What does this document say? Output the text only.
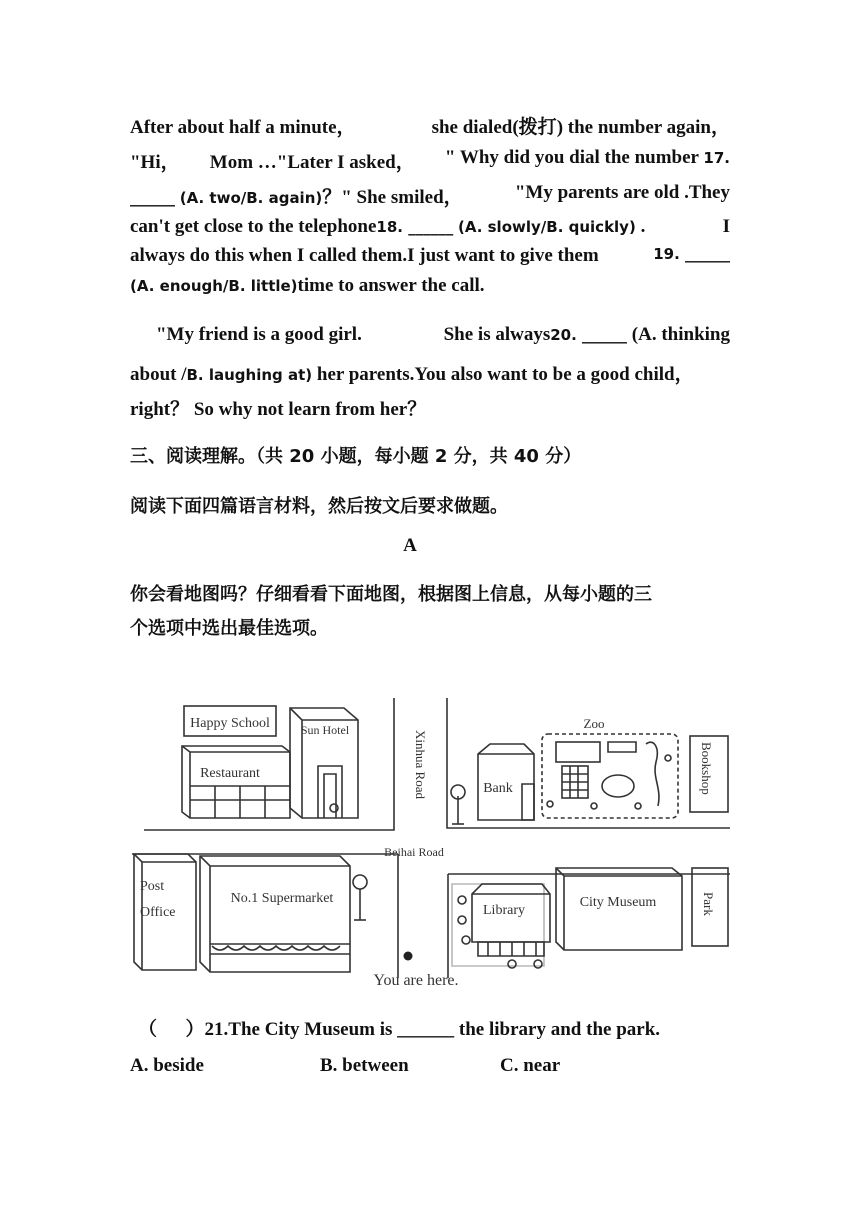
After about half a minute，	she dialed(拨打) the number again，
"Hi， Mom …"Later I asked， " Why did you dial the number 17.
______ (A. two/B. again)？" She smiled，	"My parents are old .They
can't get close to the telephone18. ______ (A. slowly/B. quickly) .	I
always do this when I called them.I just want to give them	19. ______
(A. enough/B. little)time to answer the call.
"My friend is a good girl.	She is always20. ______ (A. thinking
about /B. laughing at) her parents.You also want to be a good child，
right？ So why not learn from her？
三、阅读理解。（共 20 小题，每小题 2 分，共 40 分）
阅读下面四篇语言材料，然后按文后要求做题。
A
你会看地图吗？仔细看看下面地图，根据图上信息，从每小题的三
个选项中选出最佳选项。
Happy School
Restaurant
Sun Hotel	Xinhua Road	Bank
Zoo
Bookshop
Beihai Road
Post
Office
No.1 Supermarket
You are here.
Library
City Museum	Park
（      ）21.The City Museum is ______ the library and the park.
A. beside	B. between	C. near
